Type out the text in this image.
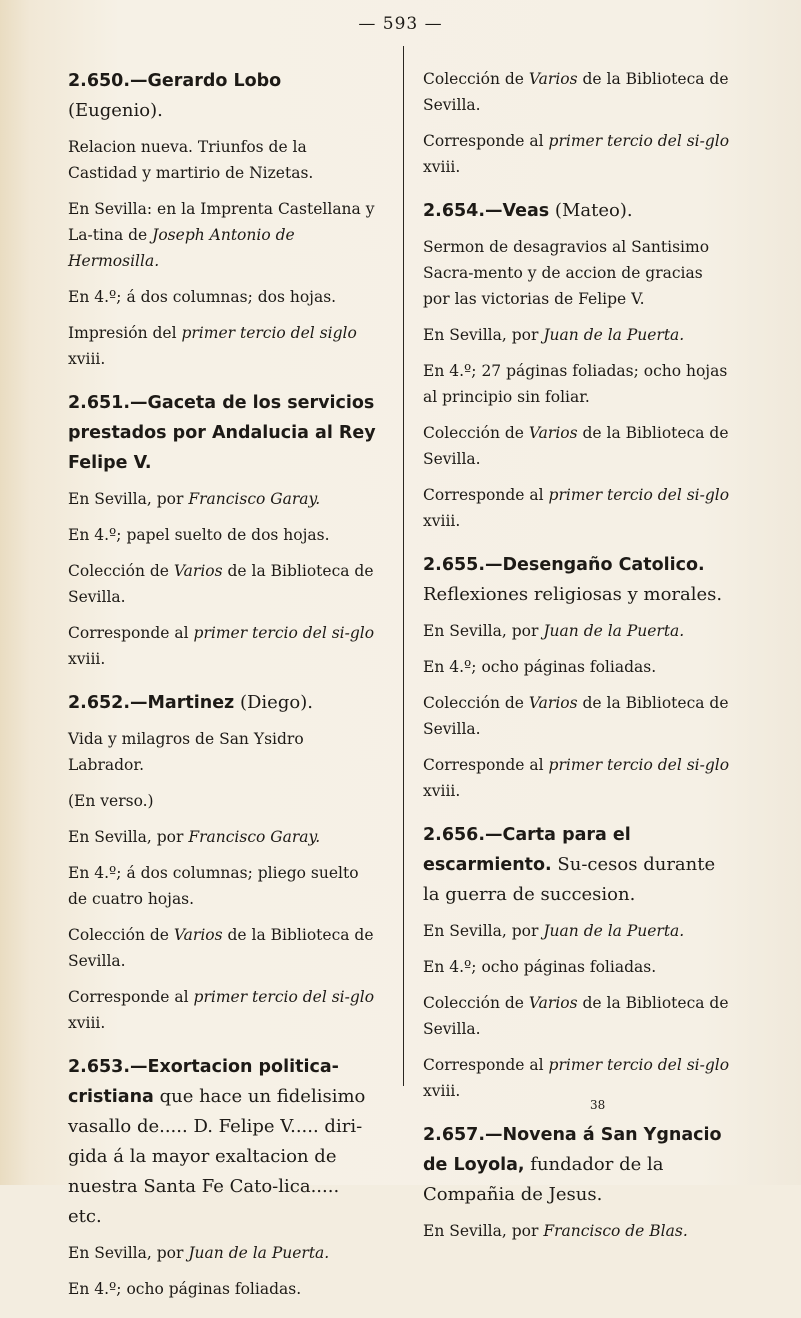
— 593 —
2.650.—Gerardo Lobo (Eugenio).

Relacion nueva. Triunfos de la Castidad y martirio de Nizetas.

En Sevilla: en la Imprenta Castellana y La-tina de Joseph Antonio de Hermosilla.

En 4.º; á dos columnas; dos hojas.

Impresión del primer tercio del siglo xviii.

2.651.—Gaceta de los servicios prestados por Andalucia al Rey Felipe V.

En Sevilla, por Francisco Garay.

En 4.º; papel suelto de dos hojas.

Colección de Varios de la Biblioteca de Sevilla.

Corresponde al primer tercio del si-glo xviii.

2.652.—Martinez (Diego).

Vida y milagros de San Ysidro Labrador.

(En verso.)

En Sevilla, por Francisco Garay.

En 4.º; á dos columnas; pliego suelto de cuatro hojas.

Colección de Varios de la Biblioteca de Sevilla.

Corresponde al primer tercio del si-glo xviii.

2.653.—Exortacion politica-cristiana que hace un fidelisimo vasallo de..... D. Felipe V..... diri-gida á la mayor exaltacion de nuestra Santa Fe Cato-lica..... etc.

En Sevilla, por Juan de la Puerta.

En 4.º; ocho páginas foliadas.

Colección de Varios de la Biblioteca de Sevilla.

Corresponde al primer tercio del si-glo xviii.

2.654.—Veas (Mateo).

Sermon de desagravios al Santisimo Sacra-mento y de accion de gracias por las victorias de Felipe V.

En Sevilla, por Juan de la Puerta.

En 4.º; 27 páginas foliadas; ocho hojas al principio sin foliar.

Colección de Varios de la Biblioteca de Sevilla.

Corresponde al primer tercio del si-glo xviii.

2.655.—Desengaño Catolico. Reflexiones religiosas y morales.

En Sevilla, por Juan de la Puerta.

En 4.º; ocho páginas foliadas.

Colección de Varios de la Biblioteca de Sevilla.

Corresponde al primer tercio del si-glo xviii.

2.656.—Carta para el escarmiento. Su-cesos durante la guerra de succesion.

En Sevilla, por Juan de la Puerta.

En 4.º; ocho páginas foliadas.

Colección de Varios de la Biblioteca de Sevilla.

Corresponde al primer tercio del si-glo xviii.

2.657.—Novena á San Ygnacio de Loyola, fundador de la Compañia de Jesus.

En Sevilla, por Francisco de Blas.

38
